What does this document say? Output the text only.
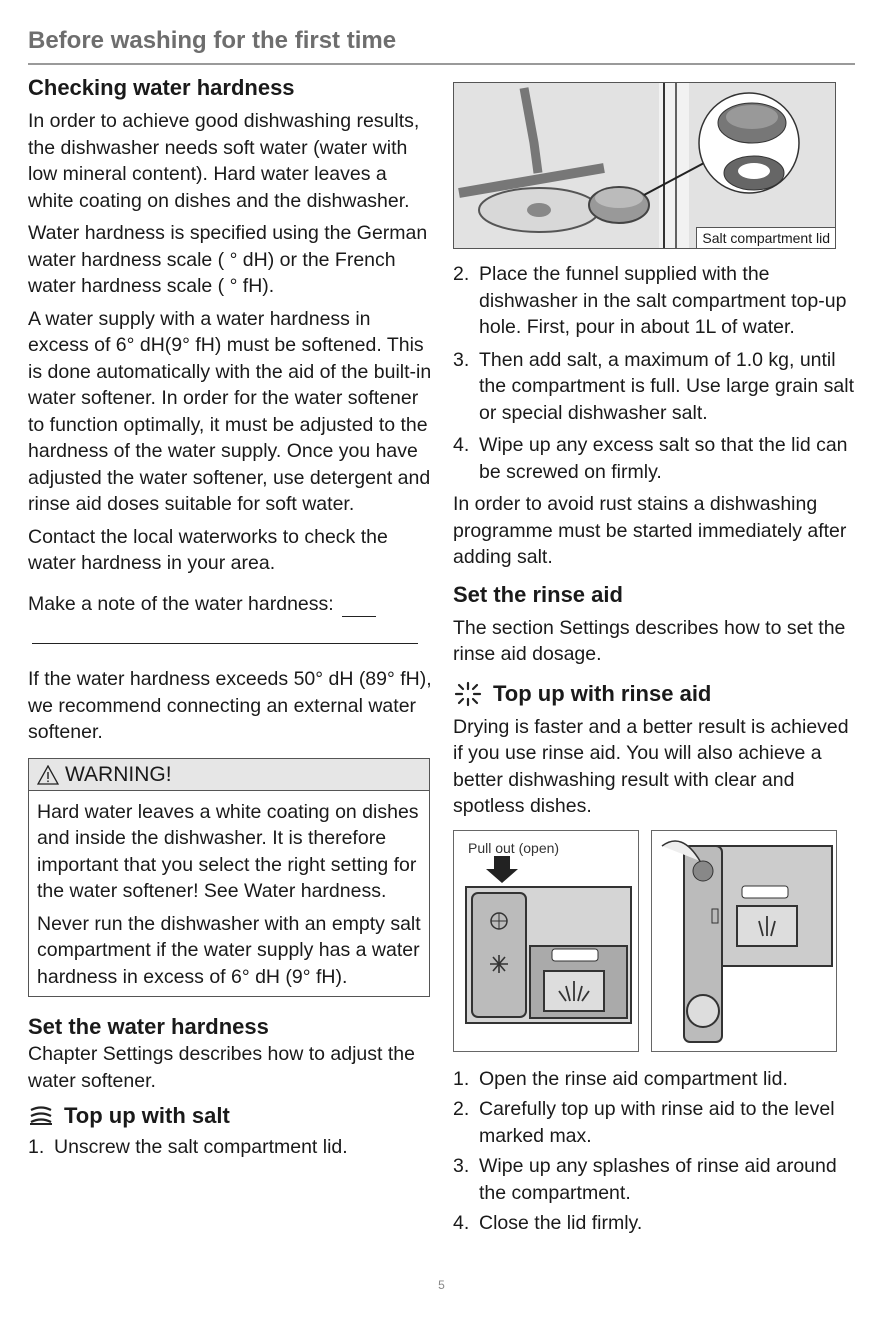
Before washing for the first time
Checking water hardness

In order to achieve good dishwashing results, the dishwasher needs soft water (water with low mineral content). Hard water leaves a white coating on dishes and the dishwasher.

Water hardness is specified using the German water hardness scale ( ° dH) or the French water hardness scale ( ° fH).

A water supply with a water hardness in excess of 6° dH(9° fH) must be softened. This is done automatically with the aid of the built-in water softener. In order for the water softener to function optimally, it must be adjusted to the hardness of the water supply. Once you have adjusted the water softener, use detergent and rinse aid doses suitable for soft water.

Contact the local waterworks to check the water hardness in your area.

Make a note of the water hardness:

If the water hardness exceeds 50° dH (89° fH), we recommend connecting an external water softener.

WARNING!

Hard water leaves a white coating on dishes and inside the dishwasher. It is therefore important that you select the right setting for the water softener! See Water hardness.

Never run the dishwasher with an empty salt compartment if the water supply has a water hardness in excess of 6° dH (9° fH).

Set the water hardness

Chapter Settings describes how to adjust the water softener.

Top up with salt
1. Unscrew the salt compartment lid.
Salt compartment lid
2. Place the funnel supplied with the dishwasher in the salt compartment top-up hole. First, pour in about 1L of water.
3. Then add salt, a maximum of 1.0 kg, until the compartment is full. Use large grain salt or special dishwasher salt.
4. Wipe up any excess salt so that the lid can be screwed on firmly.

In order to avoid rust stains a dishwashing programme must be started immediately after adding salt.

Set the rinse aid

The section Settings describes how to set the rinse aid dosage.

Top up with rinse aid

Drying is faster and a better result is achieved if you use rinse aid. You will also achieve a better dishwashing result with clear and spotless dishes.

Pull out (open)
1. Open the rinse aid compartment lid.
2. Carefully top up with rinse aid to the level marked max.
3. Wipe up any splashes of rinse aid around the compartment.
4. Close the lid firmly.
5
